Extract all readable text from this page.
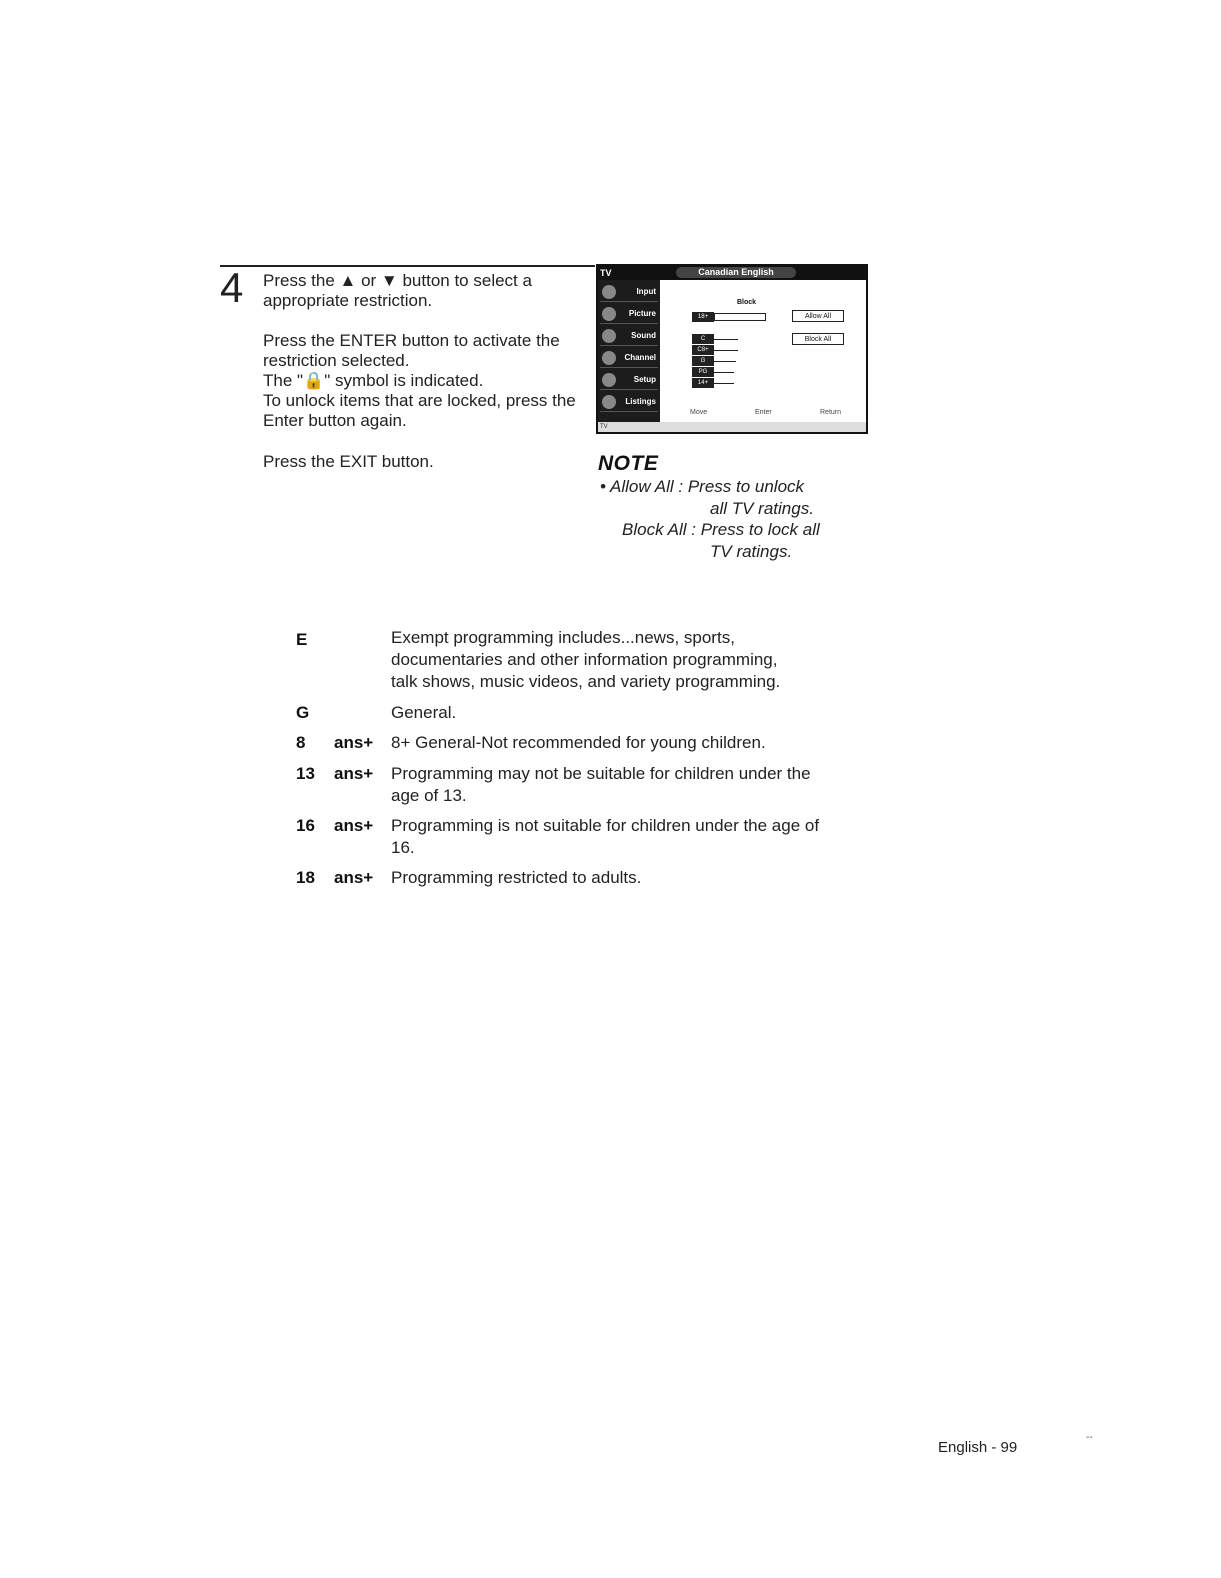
4 Press the ▲ or ▼ button to select a
appropriate restriction.
Press the ENTER button to activate the
restriction selected.
The "🔒" symbol is indicated.
To unlock items that are locked, press the
Enter button again.
Press the EXIT button.
TV	Canadian English
Input
Picture
Sound
Channel
Setup
Listings
Block
18+
C
C8+
G
PG
14+
Allow All
Block All
Move	Enter	Return
TV
NOTE
• Allow All : Press to unlock
all TV ratings.
Block All : Press to lock all
TV ratings.
E	Exempt programming includes...news, sports,
documentaries and other information programming,
talk shows, music videos, and variety programming.
G	General.
8 ans+ 8+ General-Not recommended for young children.
13 ans+ Programming may not be suitable for children under the
age of 13.
16 ans+ Programming is not suitable for children under the age of
16.
18 ans+ Programming restricted to adults.
English - 99
--
